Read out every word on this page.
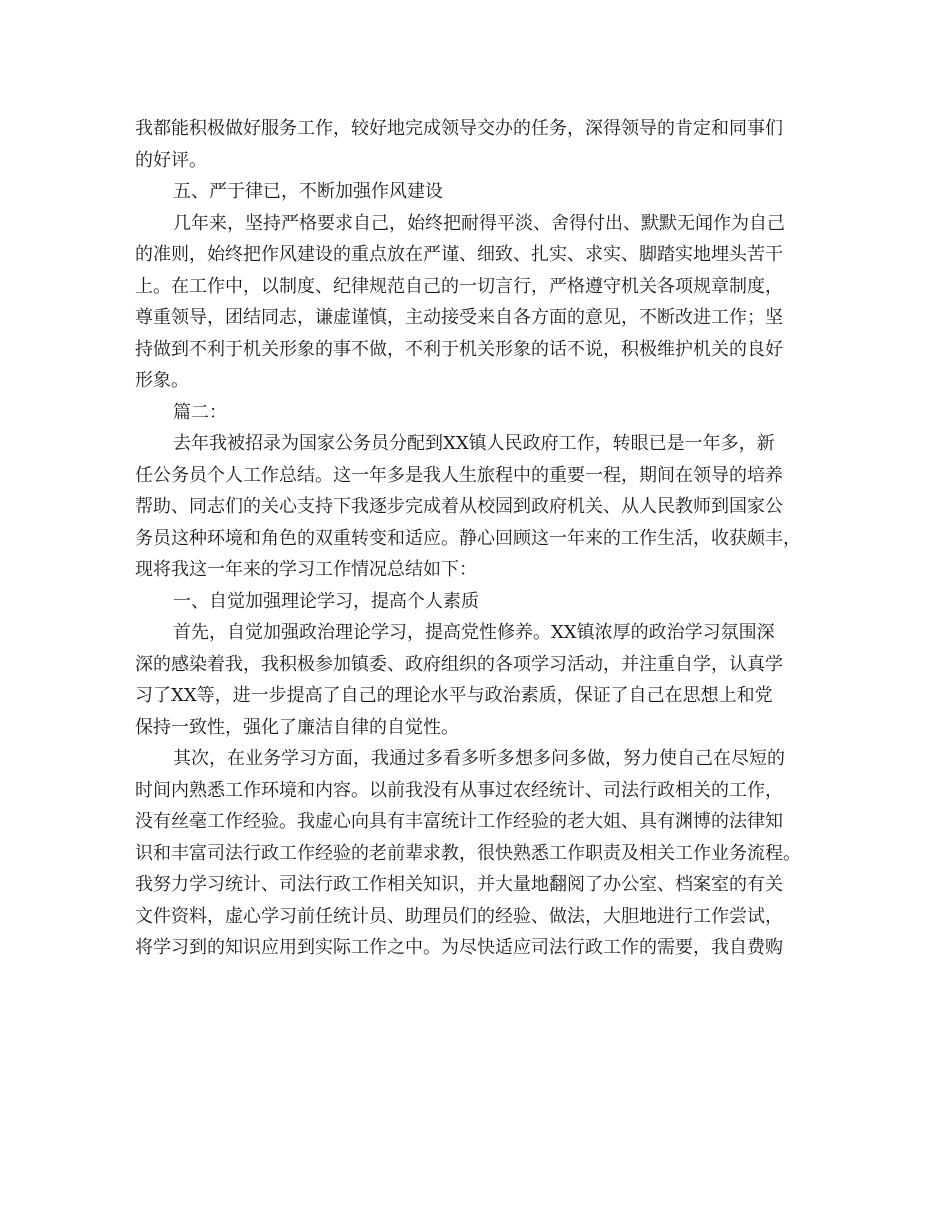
我都能积极做好服务工作，较好地完成领导交办的任务，深得领导的肯定和同事们
的好评。
五、严于律已，不断加强作风建设
几年来，坚持严格要求自己，始终把耐得平淡、舍得付出、默默无闻作为自己
的准则，始终把作风建设的重点放在严谨、细致、扎实、求实、脚踏实地埋头苦干
上。在工作中，以制度、纪律规范自己的一切言行，严格遵守机关各项规章制度，
尊重领导，团结同志，谦虚谨慎，主动接受来自各方面的意见，不断改进工作；坚
持做到不利于机关形象的事不做，不利于机关形象的话不说，积极维护机关的良好
形象。
篇二：
去年我被招录为国家公务员分配到XX镇人民政府工作，转眼已是一年多，新
任公务员个人工作总结。这一年多是我人生旅程中的重要一程，期间在领导的培养
帮助、同志们的关心支持下我逐步完成着从校园到政府机关、从人民教师到国家公
务员这种环境和角色的双重转变和适应。静心回顾这一年来的工作生活，收获颇丰，
现将我这一年来的学习工作情况总结如下：
一、自觉加强理论学习，提高个人素质
首先，自觉加强政治理论学习，提高党性修养。XX镇浓厚的政治学习氛围深
深的感染着我，我积极参加镇委、政府组织的各项学习活动，并注重自学，认真学
习了XX等，进一步提高了自己的理论水平与政治素质，保证了自己在思想上和党
保持一致性，强化了廉洁自律的自觉性。
其次，在业务学习方面，我通过多看多听多想多问多做，努力使自己在尽短的
时间内熟悉工作环境和内容。以前我没有从事过农经统计、司法行政相关的工作，
没有丝毫工作经验。我虚心向具有丰富统计工作经验的老大姐、具有渊博的法律知
识和丰富司法行政工作经验的老前辈求教，很快熟悉工作职责及相关工作业务流程。
我努力学习统计、司法行政工作相关知识，并大量地翻阅了办公室、档案室的有关
文件资料，虚心学习前任统计员、助理员们的经验、做法，大胆地进行工作尝试，
将学习到的知识应用到实际工作之中。为尽快适应司法行政工作的需要，我自费购
